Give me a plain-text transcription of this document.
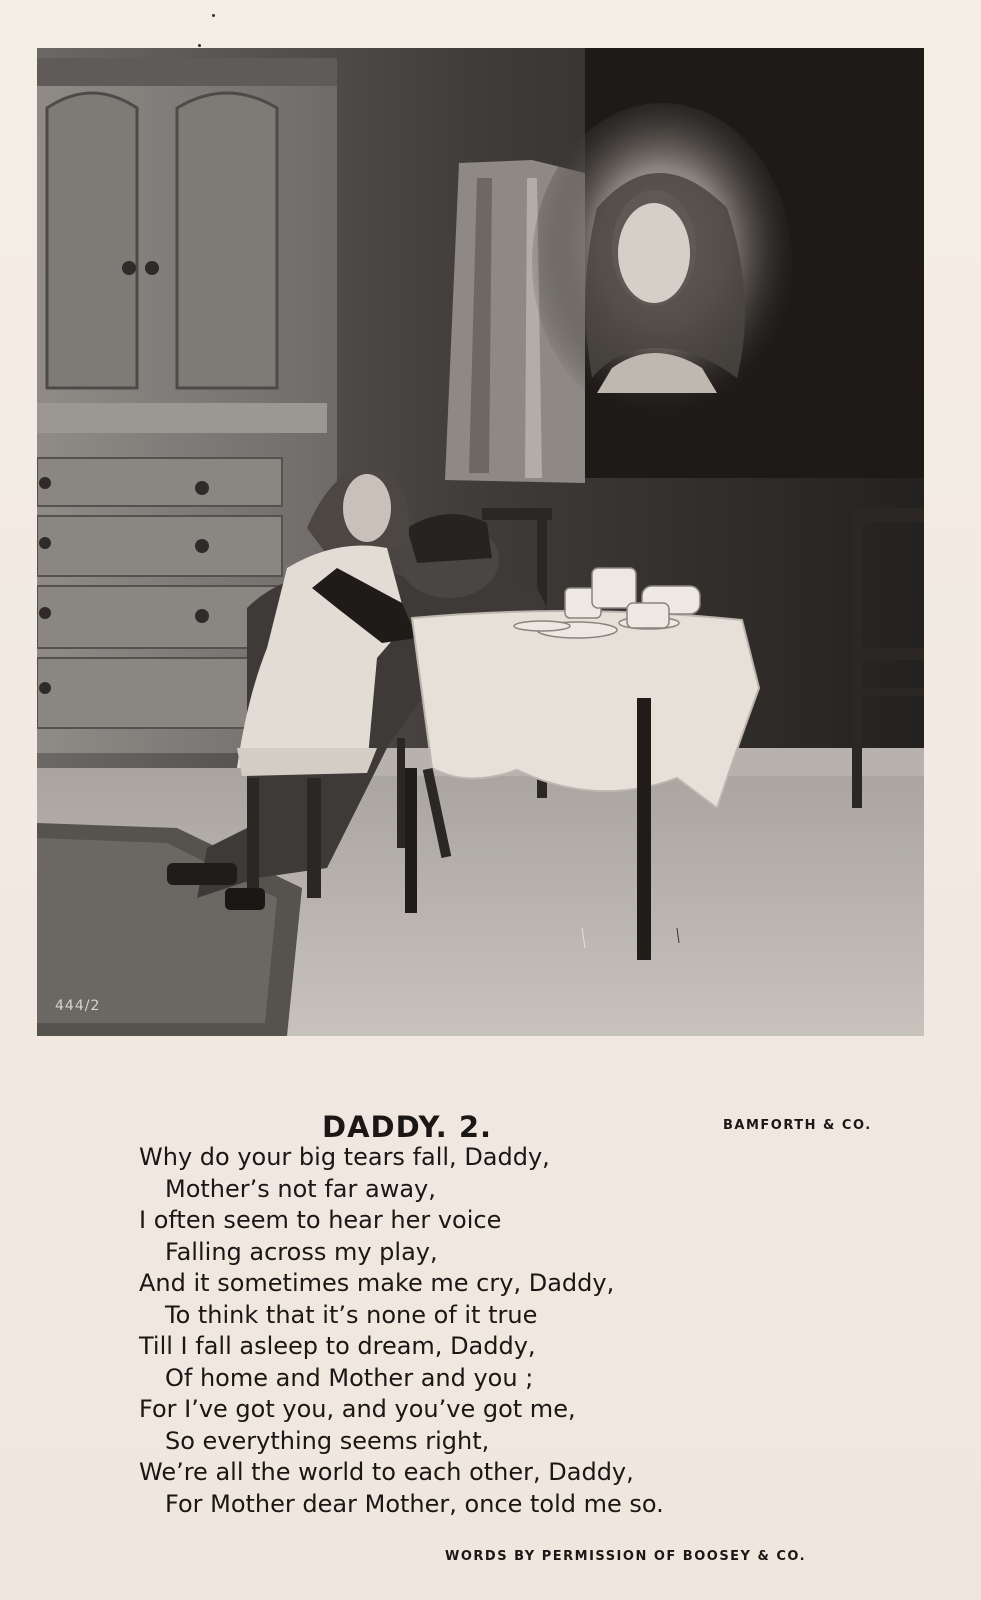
444/2
DADDY. 2.	BAMFORTH & CO.
Why do your big tears fall, Daddy,
Mother’s not far away,
I often seem to hear her voice
Falling across my play,
And it sometimes make me cry, Daddy,
To think that it’s none of it true
Till I fall asleep to dream, Daddy,
Of home and Mother and you ;
For I’ve got you, and you’ve got me,
So everything seems right,
We’re all the world to each other, Daddy,
For Mother dear Mother, once told me so.
WORDS BY PERMISSION OF BOOSEY & CO.
